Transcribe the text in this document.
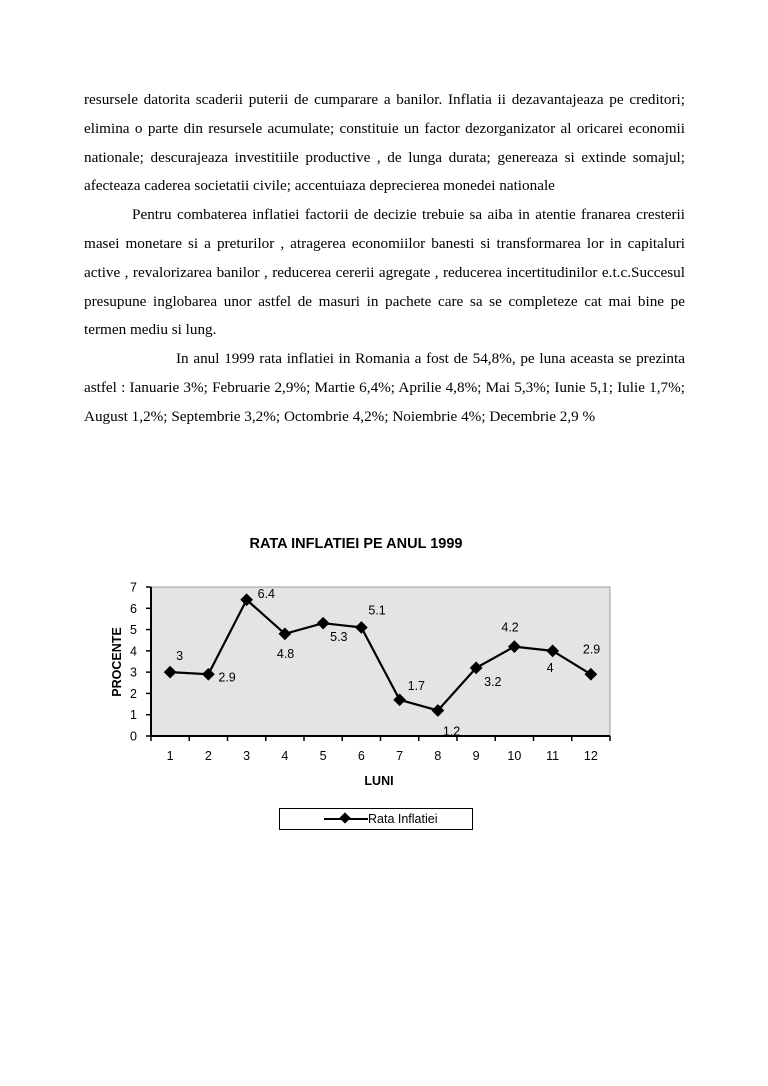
resursele datorita scaderii puterii de cumparare a banilor. Inflatia ii dezavantajeaza pe creditori; elimina o parte din resursele acumulate; constituie un factor dezorganizator al oricarei economii nationale; descurajeaza investitiile productive , de lunga durata; genereaza si extinde somajul; afecteaza caderea societatii civile; accentuiaza deprecierea monedei nationale

Pentru combaterea inflatiei factorii de decizie trebuie sa aiba in atentie franarea cresterii masei monetare si a preturilor , atragerea economiilor banesti si transformarea lor in capitaluri active , revalorizarea banilor , reducerea cererii agregate , reducerea incertitudinilor e.t.c.Succesul presupune inglobarea unor astfel de masuri in pachete care sa se completeze cat mai bine pe termen mediu si lung.

In anul 1999 rata inflatiei in Romania a fost de 54,8%, pe luna aceasta se prezinta astfel : Ianuarie 3%; Februarie 2,9%; Martie 6,4%; Aprilie 4,8%; Mai 5,3%; Iunie 5,1; Iulie 1,7%; August 1,2%; Septembrie 3,2%; Octombrie 4,2%; Noiembrie 4%; Decembrie 2,9 %

RATA INFLATIEI PE ANUL 1999
0
1
2
3
4
5
6
7
1	2	3	4	5	6	7	8	9 10 11 12
3
2.9
6.4
4.8
5.3
5.1
1.7
1.2
3.2
4.2
4
2.9
PROCENTE
LUNI
Rata Inflatiei
